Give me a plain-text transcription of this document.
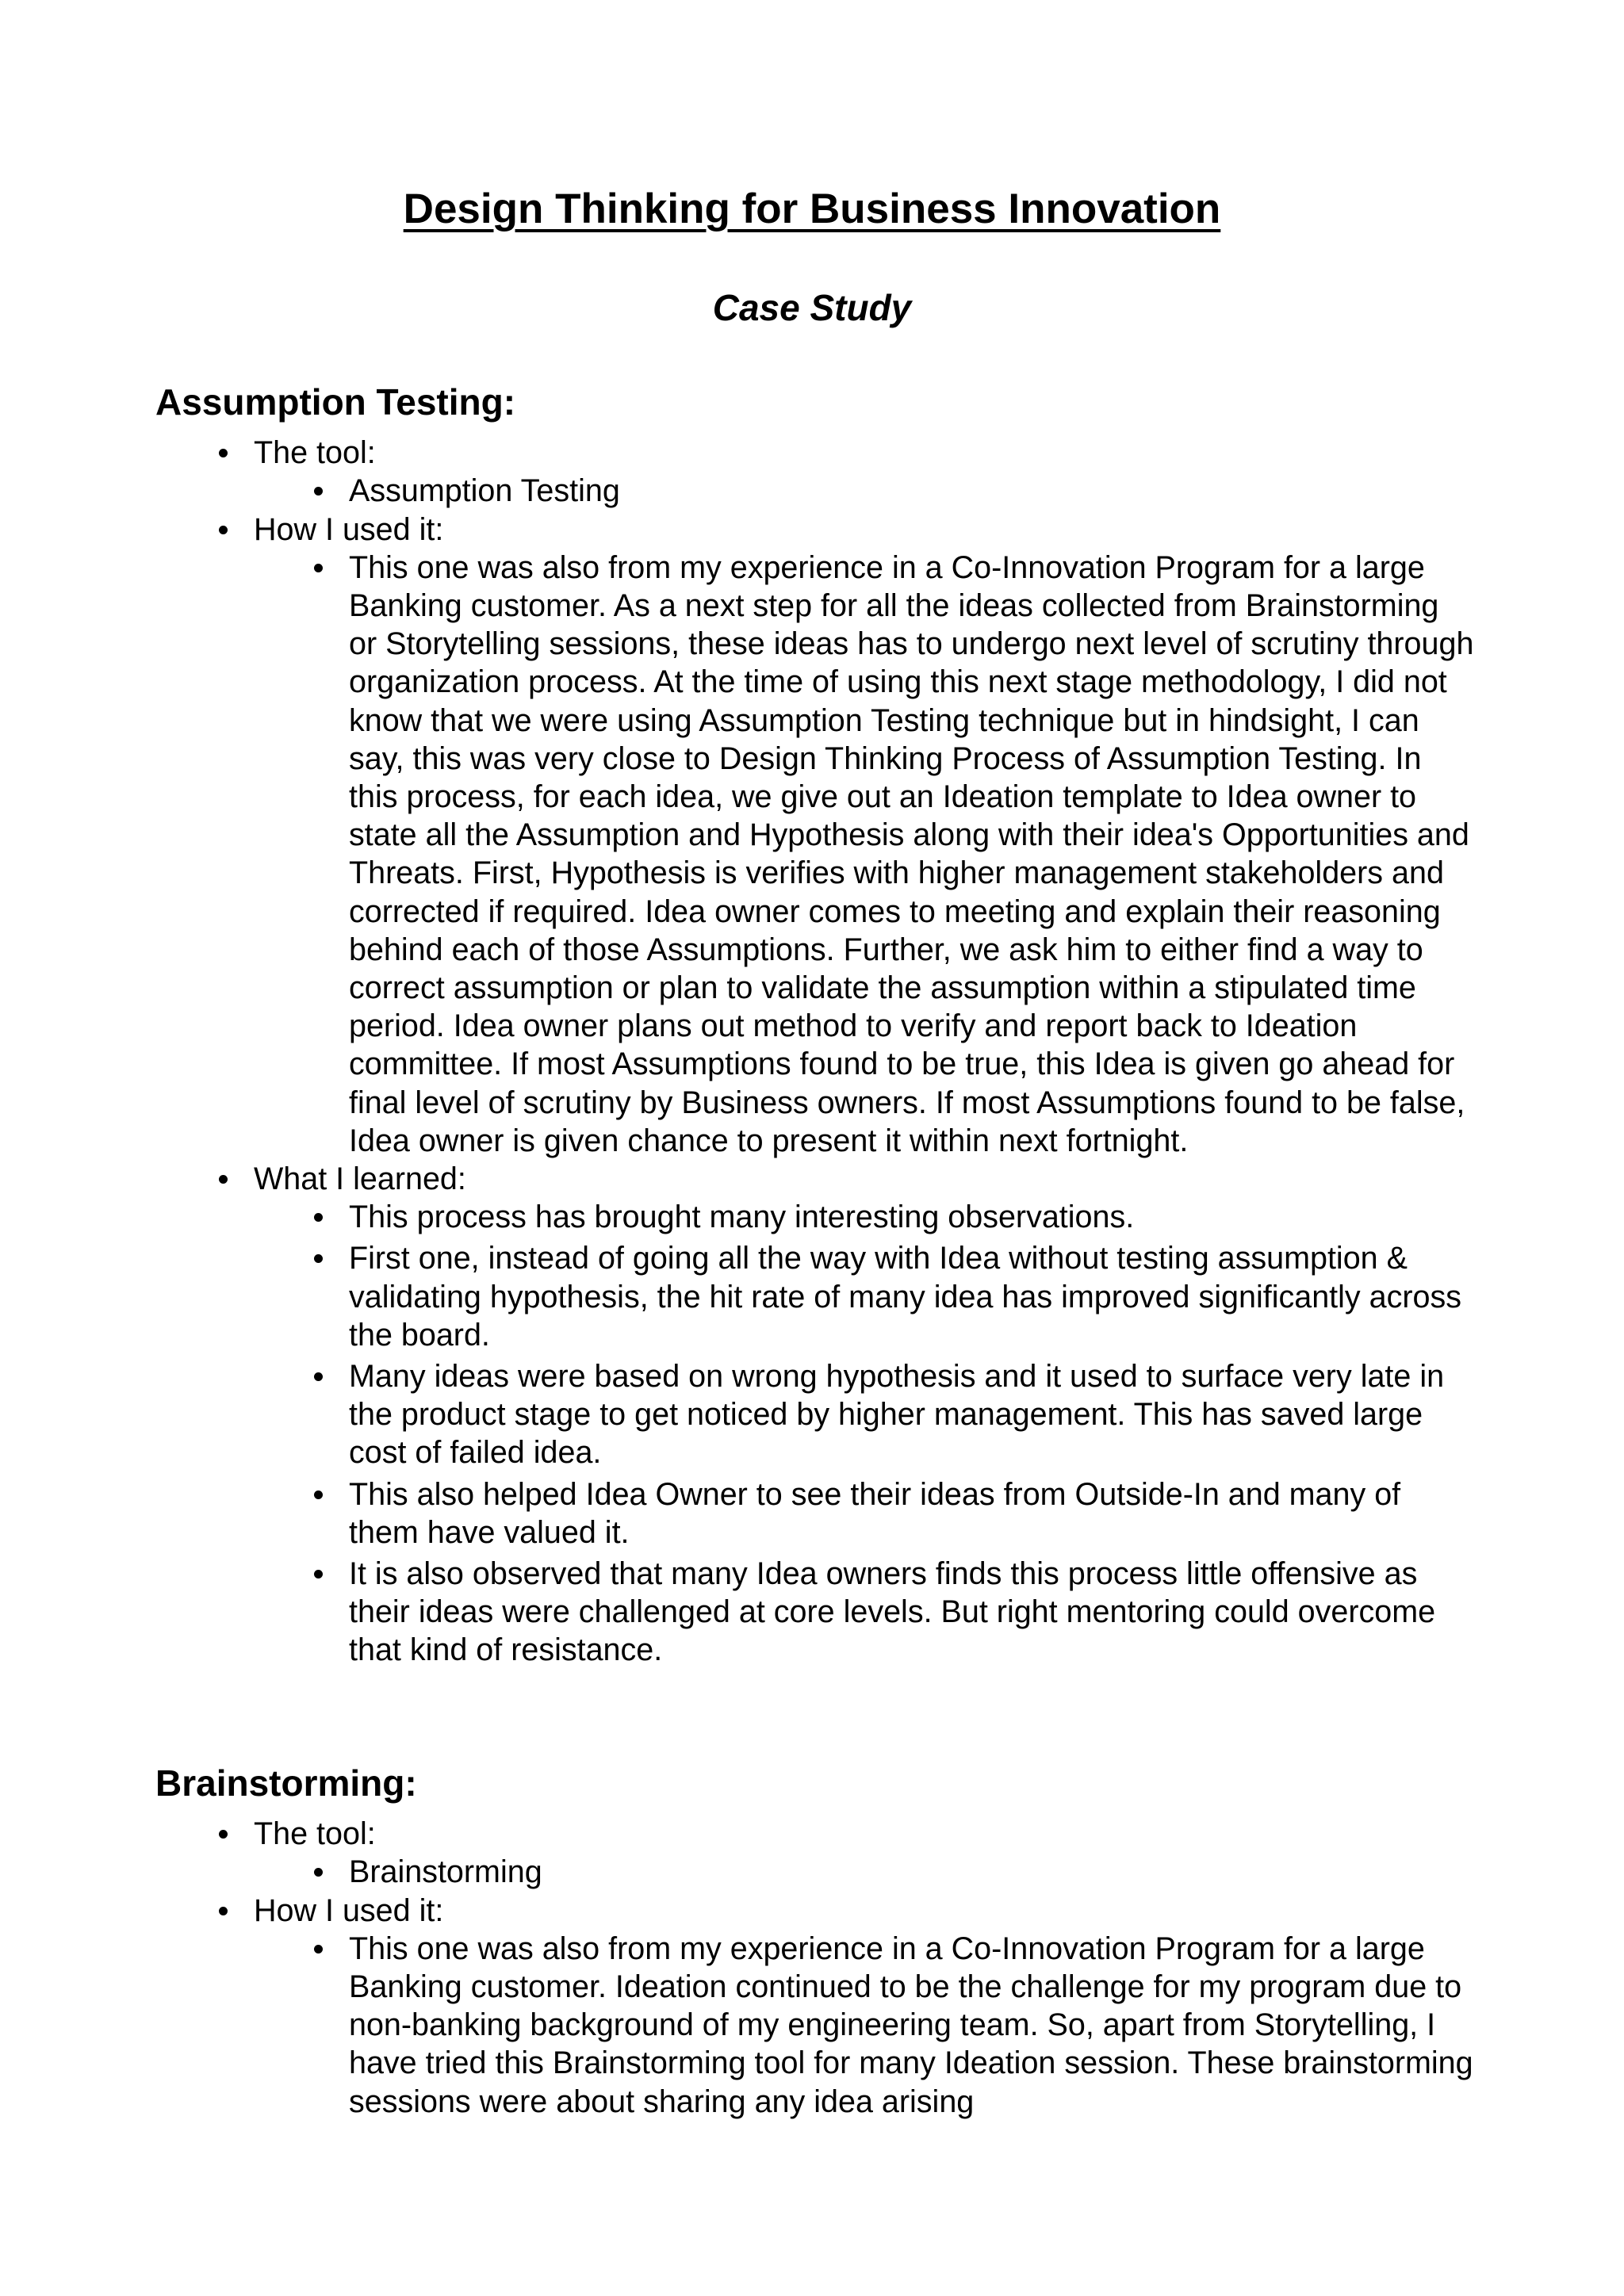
Design Thinking for Business Innovation
Case Study
Assumption Testing:
The tool:
Assumption Testing
How I used it:
This one was also from my experience in a Co-Innovation Program for a large Banking customer. As a next step for all the ideas collected from Brainstorming or Storytelling sessions, these ideas has to undergo next level of scrutiny through organization process. At the time of using this next stage methodology, I did not know that we were using Assumption Testing technique but in hindsight, I can say, this was very close to Design Thinking Process of Assumption Testing. In this process, for each idea, we give out an Ideation template to Idea owner to state all the Assumption and Hypothesis along with their idea's Opportunities and Threats. First, Hypothesis is verifies with higher management stakeholders and corrected if required. Idea owner comes to meeting and explain their reasoning behind each of those Assumptions. Further, we ask him to either find a way to correct assumption or plan to validate the assumption within a stipulated time period. Idea owner plans out method to verify and report back to Ideation committee. If most Assumptions found to be true, this Idea is given go ahead for final level of scrutiny by Business owners. If most Assumptions found to be false, Idea owner is given chance to present it within next fortnight.
What I learned:
This process has brought many interesting observations.
First one, instead of going all the way with Idea without testing assumption & validating hypothesis, the hit rate of many idea has improved significantly across the board.
Many ideas were based on wrong hypothesis and it used to surface very late in the product stage to get noticed by higher management. This has saved large cost of failed idea.
This also helped Idea Owner to see their ideas from Outside-In and many of them have valued it.
It is also observed that many Idea owners finds this process little offensive as their ideas were challenged at core levels. But right mentoring could overcome that kind of resistance.
Brainstorming:
The tool:
Brainstorming
How I used it:
This one was also from my experience in a Co-Innovation Program for a large Banking customer. Ideation continued to be the challenge for my program due to non-banking background of my engineering team. So, apart from Storytelling, I have tried this Brainstorming tool for many Ideation session. These brainstorming sessions were about sharing any idea arising
